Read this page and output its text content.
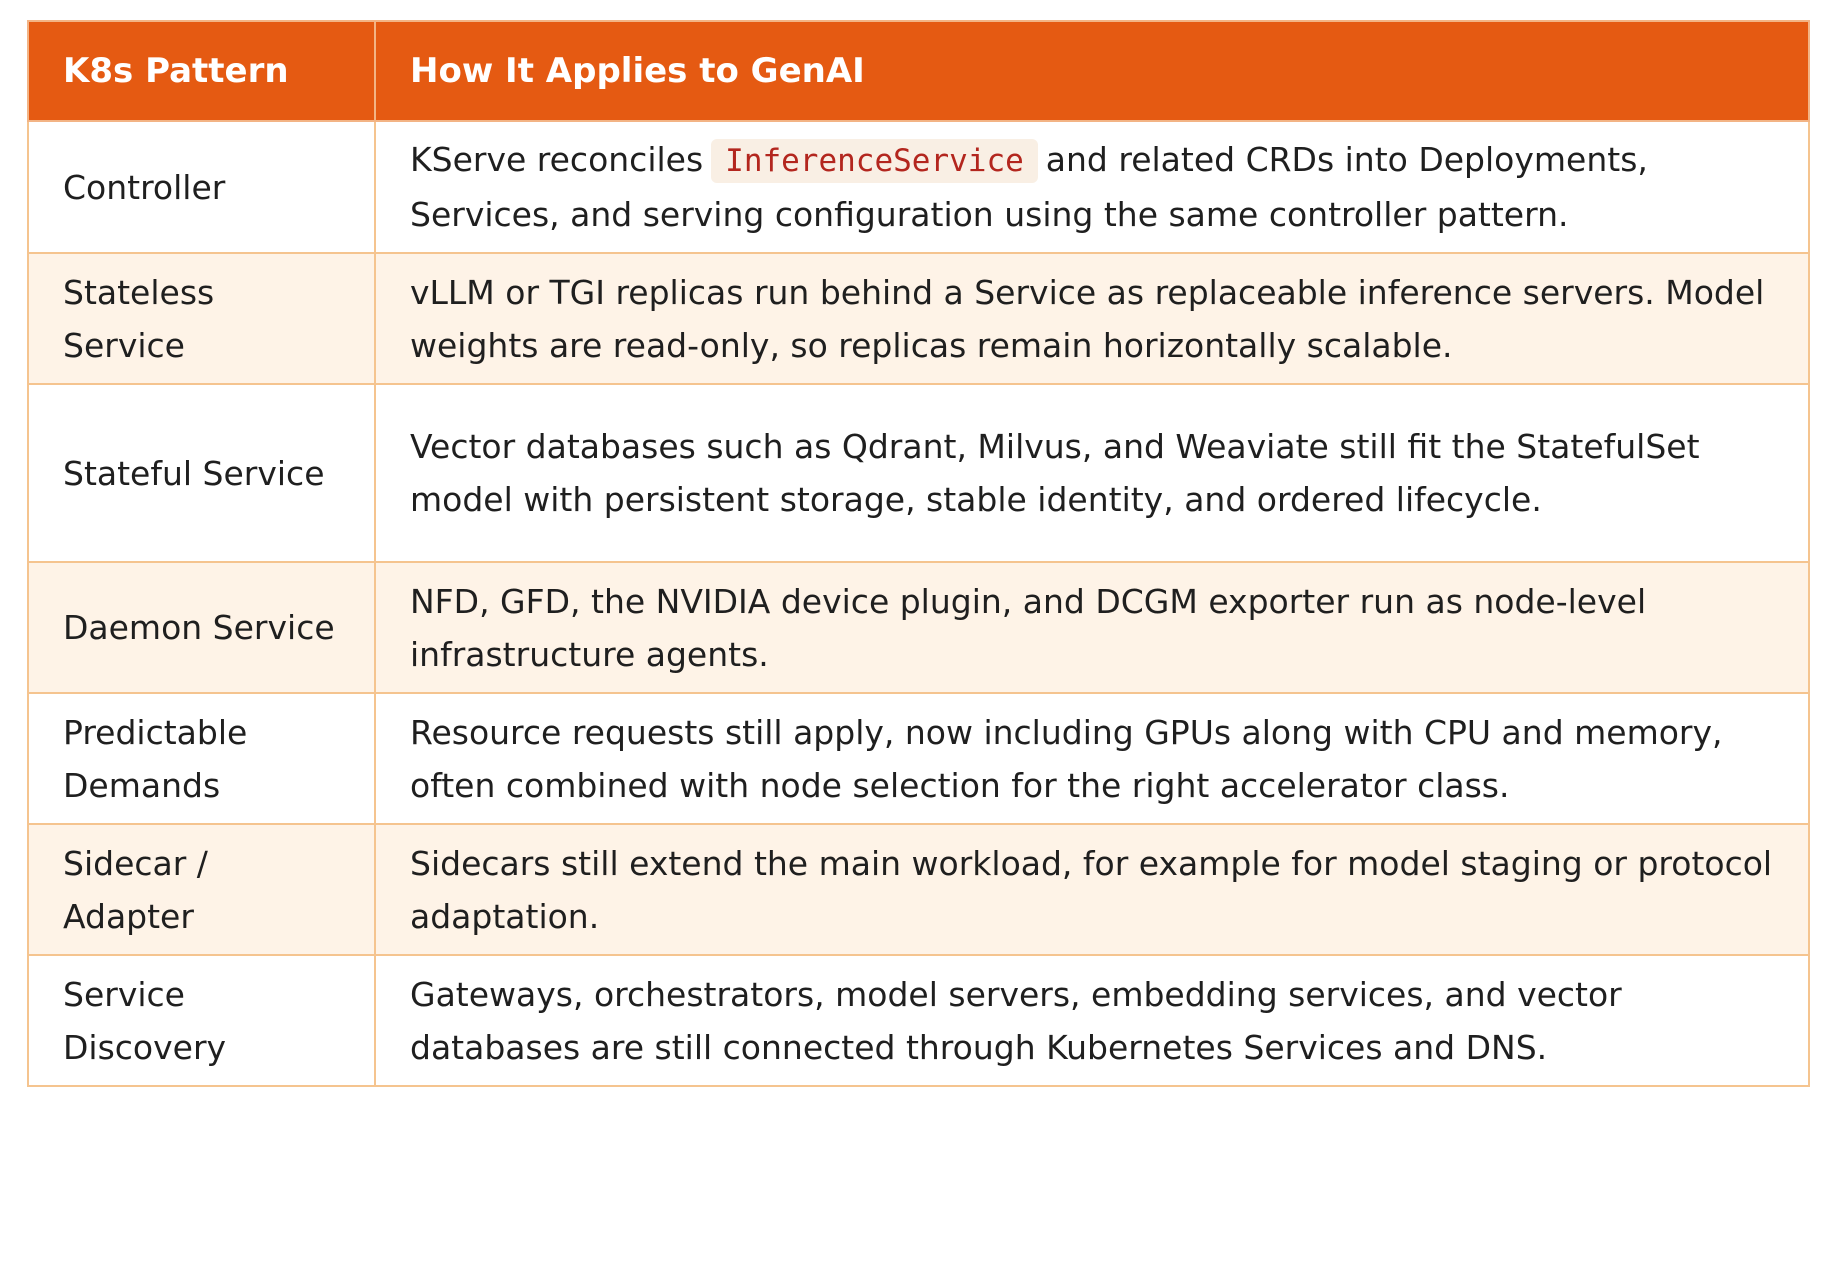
K8s Pattern	How It Applies to GenAI
Controller	KServe reconciles InferenceService and related CRDs into Deployments, Services, and serving configuration using the same controller pattern.
Stateless Service	vLLM or TGI replicas run behind a Service as replaceable inference servers. Model weights are read-only, so replicas remain horizontally scalable.
Stateful Service	Vector databases such as Qdrant, Milvus, and Weaviate still fit the StatefulSet model with persistent storage, stable identity, and ordered lifecycle.
Daemon Service	NFD, GFD, the NVIDIA device plugin, and DCGM exporter run as node-level infrastructure agents.
Predictable Demands	Resource requests still apply, now including GPUs along with CPU and memory, often combined with node selection for the right accelerator class.
Sidecar / Adapter	Sidecars still extend the main workload, for example for model staging or protocol adaptation.
Service Discovery	Gateways, orchestrators, model servers, embedding services, and vector databases are still connected through Kubernetes Services and DNS.
